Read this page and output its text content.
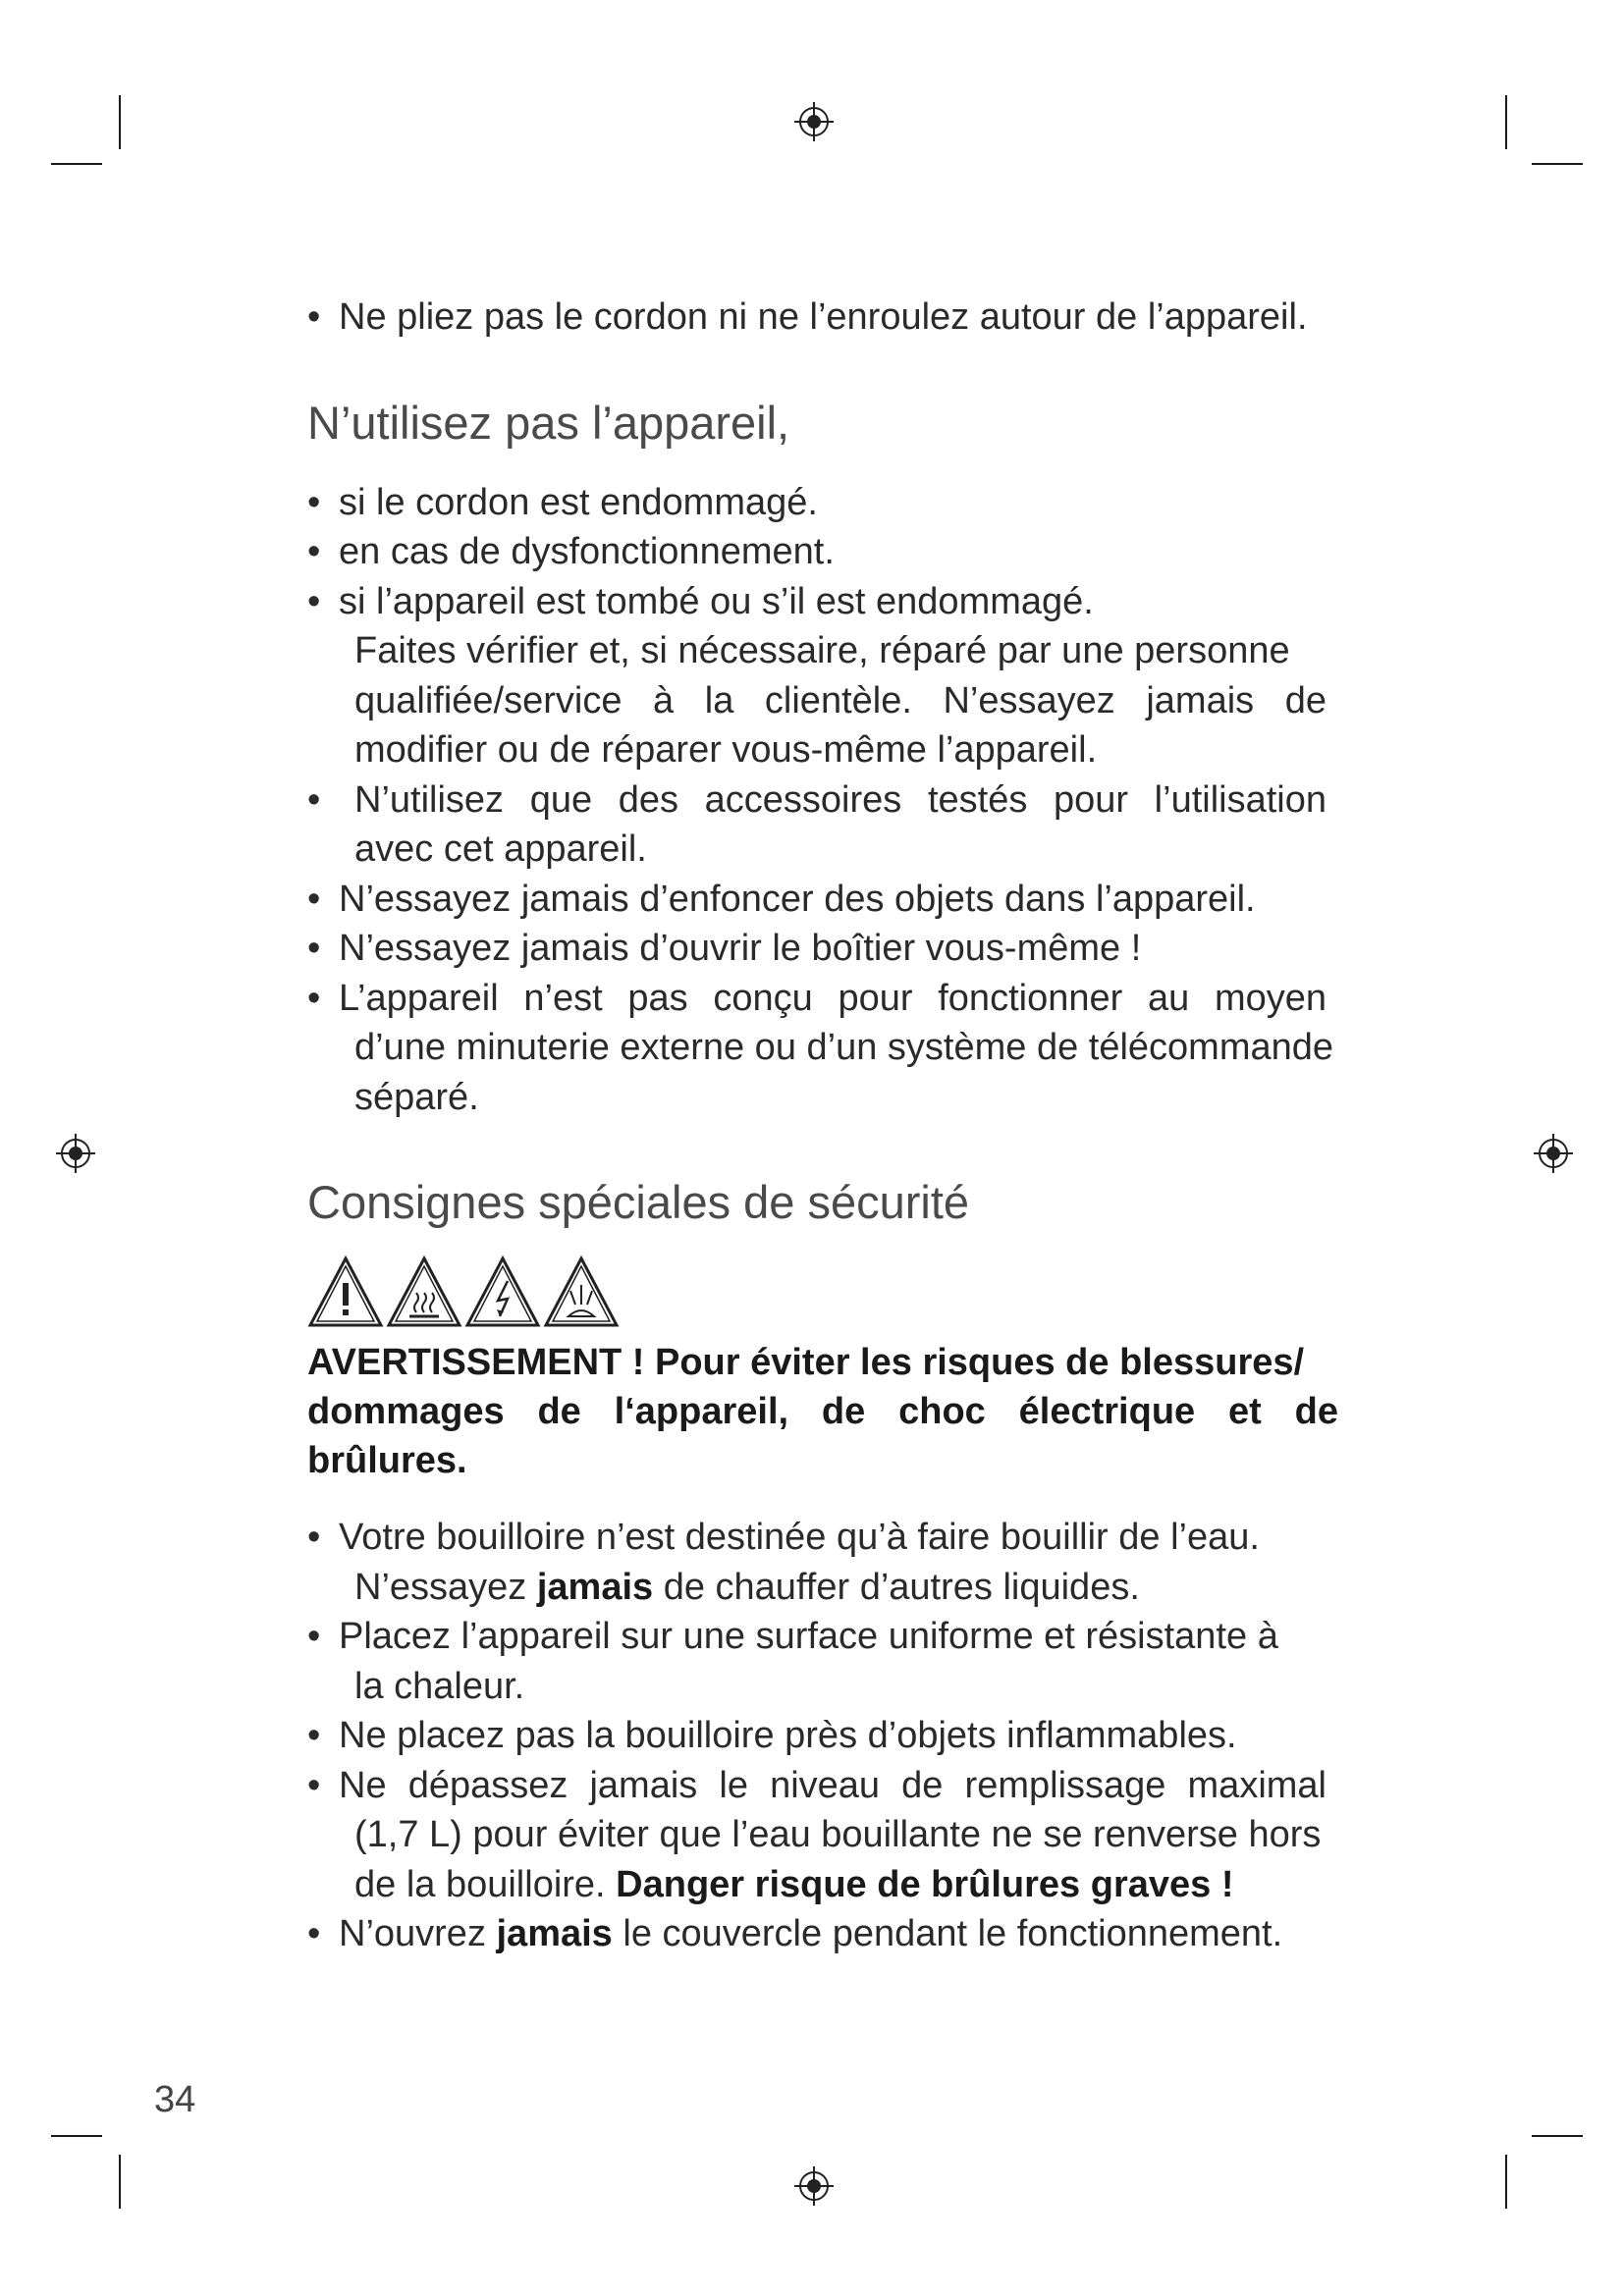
• Ne pliez pas le cordon ni ne l’enroulez autour de l’appareil.
N’utilisez pas l’appareil,
• si le cordon est endommagé.
• en cas de dysfonctionnement.
• si l’appareil est tombé ou s’il est endommagé.
Faites vérifier et, si nécessaire, réparé par une personne
qualifiée/service à la clientèle. N’essayez jamais de
modifier ou de réparer vous-même l’appareil.
• N’utilisez que des accessoires testés pour l’utilisation
avec cet appareil.
• N’essayez jamais d’enfoncer des objets dans l’appareil.
• N’essayez jamais d’ouvrir le boîtier vous-même !
• L’appareil n’est pas conçu pour fonctionner au moyen
d’une minuterie externe ou d’un système de télécommande
séparé.
Consignes spéciales de sécurité
AVERTISSEMENT ! Pour éviter les risques de blessures/
dommages de l‘appareil, de choc électrique et de
brûlures.
• Votre bouilloire n’est destinée qu’à faire bouillir de l’eau.
N’essayez jamais de chauffer d’autres liquides.
• Placez l’appareil sur une surface uniforme et résistante à
la chaleur.
• Ne placez pas la bouilloire près d’objets inflammables.
• Ne dépassez jamais le niveau de remplissage maximal
(1,7 L) pour éviter que l’eau bouillante ne se renverse hors
de la bouilloire. Danger risque de brûlures graves !
• N’ouvrez jamais le couvercle pendant le fonctionnement.
34
